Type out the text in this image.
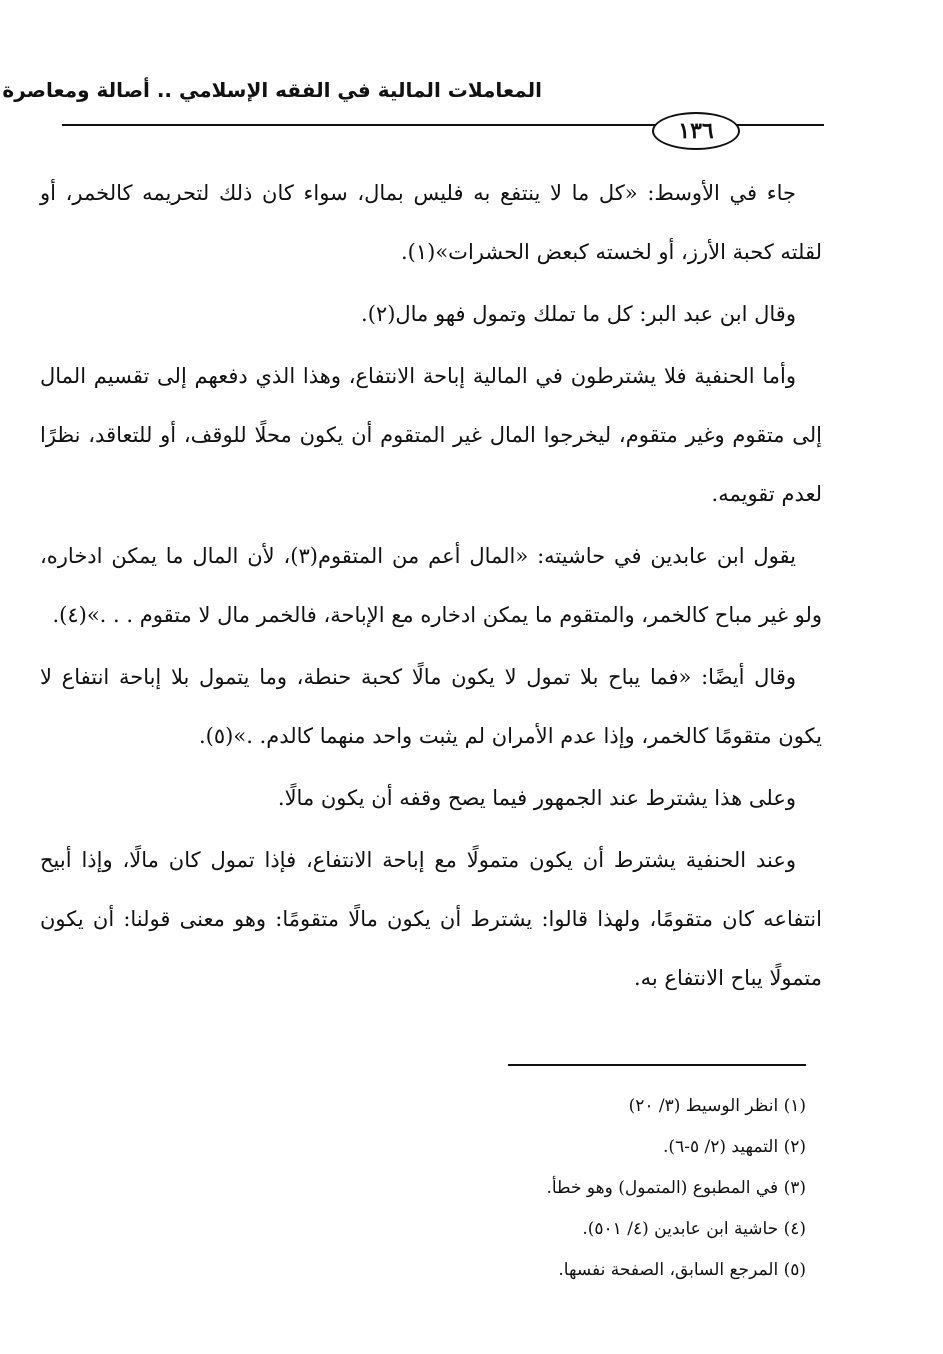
المعاملات المالية في الفقه الإسلامي .. أصالة ومعاصرة
١٣٦

جاء في الأوسط: «كل ما لا ينتفع به فليس بمال، سواء كان ذلك لتحريمه كالخمر، أو لقلته كحبة الأرز، أو لخسته كبعض الحشرات»(١).

وقال ابن عبد البر: كل ما تملك وتمول فهو مال(٢).

وأما الحنفية فلا يشترطون في المالية إباحة الانتفاع، وهذا الذي دفعهم إلى تقسيم المال إلى متقوم وغير متقوم، ليخرجوا المال غير المتقوم أن يكون محلًا للوقف، أو للتعاقد، نظرًا لعدم تقويمه.

يقول ابن عابدين في حاشيته: «المال أعم من المتقوم(٣)، لأن المال ما يمكن ادخاره، ولو غير مباح كالخمر، والمتقوم ما يمكن ادخاره مع الإباحة، فالخمر مال لا متقوم . . .»(٤).

وقال أيضًا: «فما يباح بلا تمول لا يكون مالًا كحبة حنطة، وما يتمول بلا إباحة انتفاع لا يكون متقومًا كالخمر، وإذا عدم الأمران لم يثبت واحد منهما كالدم. .»(٥).

وعلى هذا يشترط عند الجمهور فيما يصح وقفه أن يكون مالًا.

وعند الحنفية يشترط أن يكون متمولًا مع إباحة الانتفاع، فإذا تمول كان مالًا، وإذا أبيح انتفاعه كان متقومًا، ولهذا قالوا: يشترط أن يكون مالًا متقومًا: وهو معنى قولنا: أن يكون متمولًا يباح الانتفاع به.

(١) انظر الوسيط (٣/ ٢٠)

(٢) التمهيد (٢/ ٥-٦).

(٣) في المطبوع (المتمول) وهو خطأ.

(٤) حاشية ابن عابدين (٤/ ٥٠١).

(٥) المرجع السابق، الصفحة نفسها.
